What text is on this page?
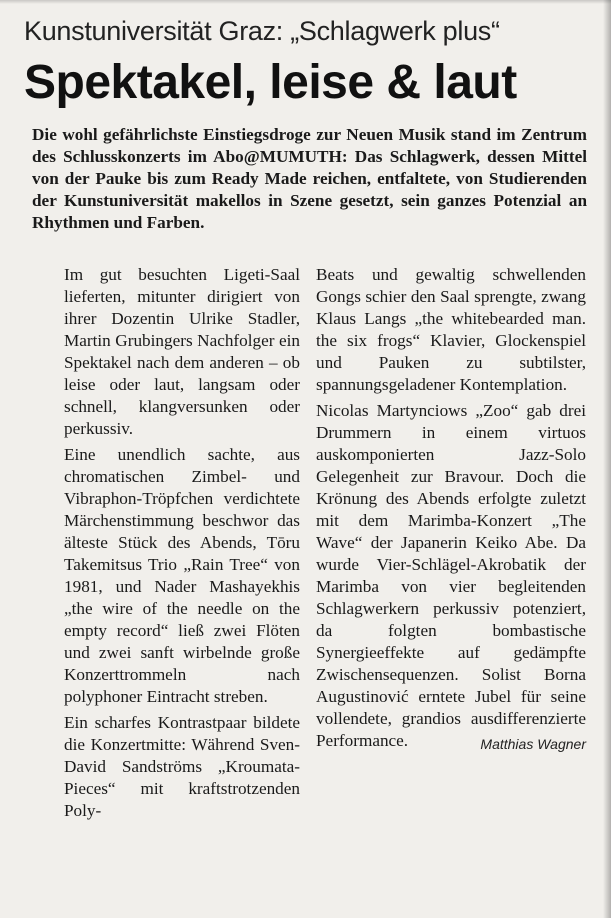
Kunstuniversität Graz: „Schlagwerk plus“
Spektakel, leise & laut
Die wohl gefährlichste Einstiegsdroge zur Neuen Musik stand im Zentrum des Schlusskonzerts im Abo@MUMUTH: Das Schlagwerk, dessen Mittel von der Pauke bis zum Ready Made reichen, entfaltete, von Studierenden der Kunstuniversität makellos in Szene gesetzt, sein ganzes Potenzial an Rhythmen und Farben.

Im gut besuchten Ligeti-Saal lieferten, mitunter dirigiert von ihrer Dozentin Ulrike Stadler, Martin Grubingers Nachfolger ein Spektakel nach dem anderen – ob leise oder laut, langsam oder schnell, klangversunken oder perkussiv.

Eine unendlich sachte, aus chromatischen Zimbel- und Vibraphon-Tröpfchen verdichtete Märchenstimmung beschwor das älteste Stück des Abends, Tōru Takemitsus Trio „Rain Tree“ von 1981, und Nader Mashayekhis „the wire of the needle on the empty record“ ließ zwei Flöten und zwei sanft wirbelnde große Konzerttrommeln nach polyphoner Eintracht streben.

Ein scharfes Kontrastpaar bildete die Konzertmitte: Während Sven-David Sandströms „Kroumata-Pieces“ mit kraftstrotzenden Poly-

Beats und gewaltig schwellenden Gongs schier den Saal sprengte, zwang Klaus Langs „the whitebearded man. the six frogs“ Klavier, Glockenspiel und Pauken zu subtilster, spannungsgeladener Kontemplation.

Nicolas Martynciows „Zoo“ gab drei Drummern in einem virtuos auskomponierten Jazz-Solo Gelegenheit zur Bravour. Doch die Krönung des Abends erfolgte zuletzt mit dem Marimba-Konzert „The Wave“ der Japanerin Keiko Abe. Da wurde Vier-Schlägel-Akrobatik der Marimba von vier begleitenden Schlagwerkern perkussiv potenziert, da folgten bombastische Synergieeffekte auf gedämpfte Zwischensequenzen. Solist Borna Augustinović erntete Jubel für seine vollendete, grandios ausdifferenzierte Performance.	Matthias Wagner
